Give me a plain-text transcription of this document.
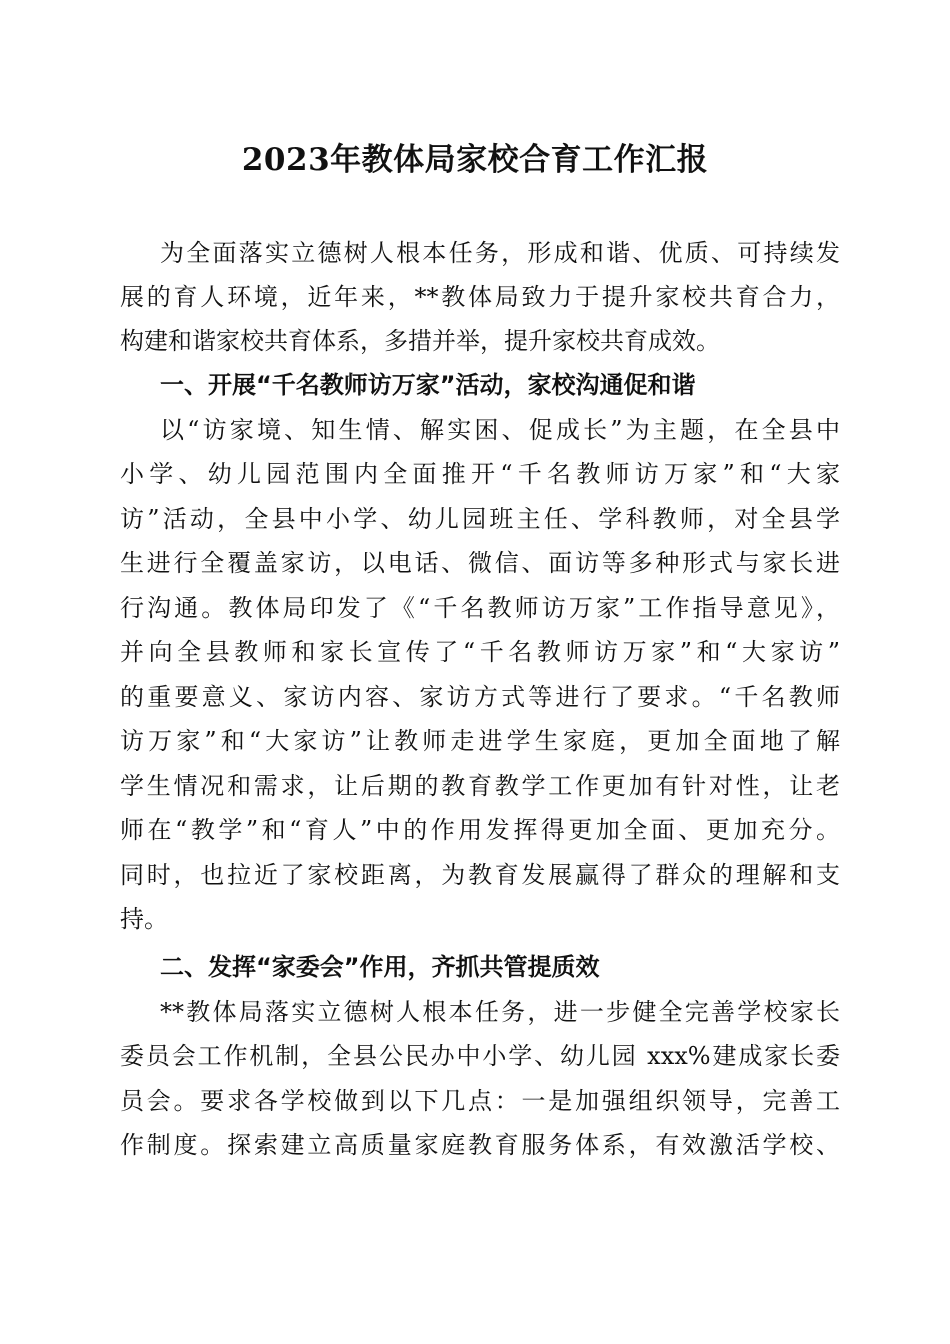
2023年教体局家校合育工作汇报
为全面落实立德树人根本任务，形成和谐、优质、可持续发
展的育人环境，近年来，**教体局致力于提升家校共育合力，
构建和谐家校共育体系，多措并举，提升家校共育成效。
一、开展“千名教师访万家”活动，家校沟通促和谐
以“访家境、知生情、解实困、促成长”为主题，在全县中
小学、幼儿园范围内全面推开“千名教师访万家”和“大家
访”活动，全县中小学、幼儿园班主任、学科教师，对全县学
生进行全覆盖家访，以电话、微信、面访等多种形式与家长进
行沟通。教体局印发了《“千名教师访万家”工作指导意见》，
并向全县教师和家长宣传了“千名教师访万家”和“大家访”
的重要意义、家访内容、家访方式等进行了要求。“千名教师
访万家”和“大家访”让教师走进学生家庭，更加全面地了解
学生情况和需求，让后期的教育教学工作更加有针对性，让老
师在“教学”和“育人”中的作用发挥得更加全面、更加充分。
同时，也拉近了家校距离，为教育发展赢得了群众的理解和支
持。
二、发挥“家委会”作用，齐抓共管提质效
**教体局落实立德树人根本任务，进一步健全完善学校家长
委员会工作机制，全县公民办中小学、幼儿园 xxx%建成家长委
员会。要求各学校做到以下几点：一是加强组织领导，完善工
作制度。探索建立高质量家庭教育服务体系，有效激活学校、
